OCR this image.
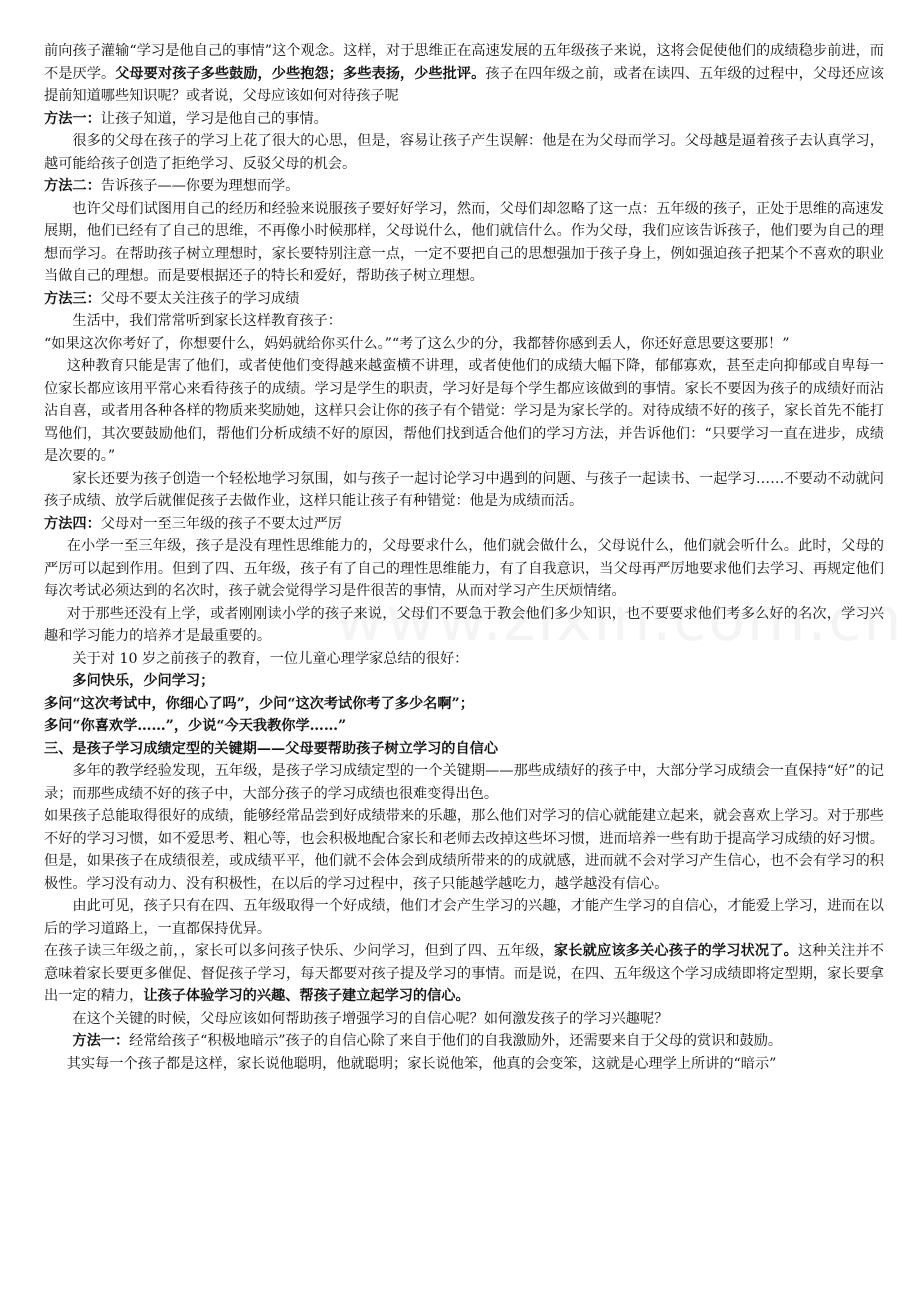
前向孩子灌输“学习是他自己的事情”这个观念。这样，对于思维正在高速发展的五年级孩子来说，这将会促使他们的成绩稳步前进，而不是厌学。父母要对孩子多些鼓励，少些抱怨；多些表扬，少些批评。孩子在四年级之前，或者在读四、五年级的过程中，父母还应该提前知道哪些知识呢？或者说，父母应该如何对待孩子呢

方法一：让孩子知道，学习是他自己的事情。

很多的父母在孩子的学习上花了很大的心思，但是，容易让孩子产生误解：他是在为父母而学习。父母越是逼着孩子去认真学习，越可能给孩子创造了拒绝学习、反驳父母的机会。

方法二：告诉孩子——你要为理想而学。

也许父母们试图用自己的经历和经验来说服孩子要好好学习，然而，父母们却忽略了这一点：五年级的孩子，正处于思维的高速发展期，他们已经有了自己的思维，不再像小时候那样，父母说什么，他们就信什么。作为父母，我们应该告诉孩子，他们要为自己的理想而学习。在帮助孩子树立理想时，家长要特别注意一点，一定不要把自己的思想强加于孩子身上，例如强迫孩子把某个不喜欢的职业当做自己的理想。而是要根据还子的特长和爱好，帮助孩子树立理想。

方法三：父母不要太关注孩子的学习成绩

生活中，我们常常听到家长这样教育孩子：

“如果这次你考好了，你想要什么，妈妈就给你买什么。”“考了这么少的分，我都替你感到丢人，你还好意思要这要那！”

这种教育只能是害了他们，或者使他们变得越来越蛮横不讲理，或者使他们的成绩大幅下降，郁郁寡欢，甚至走向抑郁或自卑每一位家长都应该用平常心来看待孩子的成绩。学习是学生的职责，学习好是每个学生都应该做到的事情。家长不要因为孩子的成绩好而沾沾自喜，或者用各种各样的物质来奖励她，这样只会让你的孩子有个错觉：学习是为家长学的。对待成绩不好的孩子，家长首先不能打骂他们，其次要鼓励他们，帮他们分析成绩不好的原因，帮他们找到适合他们的学习方法，并告诉他们：“只要学习一直在进步，成绩是次要的。”

家长还要为孩子创造一个轻松地学习氛围，如与孩子一起讨论学习中遇到的问题、与孩子一起读书、一起学习……不要动不动就问孩子成绩、放学后就催促孩子去做作业，这样只能让孩子有种错觉：他是为成绩而活。

方法四：父母对一至三年级的孩子不要太过严厉

在小学一至三年级，孩子是没有理性思维能力的，父母要求什么，他们就会做什么，父母说什么，他们就会听什么。此时，父母的严厉可以起到作用。但到了四、五年级，孩子有了自己的理性思维能力，有了自我意识，当父母再严厉地要求他们去学习、再规定他们每次考试必须达到的名次时，孩子就会觉得学习是件很苦的事情，从而对学习产生厌烦情绪。

对于那些还没有上学，或者刚刚读小学的孩子来说，父母们不要急于教会他们多少知识，也不要要求他们考多么好的名次，学习兴趣和学习能力的培养才是最重要的。

关于对 10 岁之前孩子的教育，一位儿童心理学家总结的很好：

多问快乐，少问学习；

多问“这次考试中，你细心了吗”，少问“这次考试你考了多少名啊”；

多问“你喜欢学……”，少说“今天我教你学……”

三、是孩子学习成绩定型的关键期——父母要帮助孩子树立学习的自信心

多年的教学经验发现，五年级，是孩子学习成绩定型的一个关键期——那些成绩好的孩子中，大部分学习成绩会一直保持“好”的记录；而那些成绩不好的孩子中，大部分孩子的学习成绩也很难变得出色。

如果孩子总能取得很好的成绩，能够经常品尝到好成绩带来的乐趣，那么他们对学习的信心就能建立起来，就会喜欢上学习。对于那些不好的学习习惯，如不爱思考、粗心等，也会积极地配合家长和老师去改掉这些坏习惯，进而培养一些有助于提高学习成绩的好习惯。但是，如果孩子在成绩很差，或成绩平平，他们就不会体会到成绩所带来的的成就感，进而就不会对学习产生信心，也不会有学习的积极性。学习没有动力、没有积极性，在以后的学习过程中，孩子只能越学越吃力，越学越没有信心。

由此可见，孩子只有在四、五年级取得一个好成绩，他们才会产生学习的兴趣，才能产生学习的自信心，才能爱上学习，进而在以后的学习道路上，一直都保持优异。

在孩子读三年级之前，，家长可以多问孩子快乐、少问学习，但到了四、五年级，家长就应该多关心孩子的学习状况了。这种关注并不意味着家长要更多催促、督促孩子学习，每天都要对孩子提及学习的事情。而是说，在四、五年级这个学习成绩即将定型期，家长要拿出一定的精力，让孩子体验学习的兴趣、帮孩子建立起学习的信心。

在这个关键的时候，父母应该如何帮助孩子增强学习的自信心呢？如何激发孩子的学习兴趣呢？

方法一：经常给孩子“积极地暗示”孩子的自信心除了来自于他们的自我激励外，还需要来自于父母的赏识和鼓励。

其实每一个孩子都是这样，家长说他聪明，他就聪明；家长说他笨，他真的会变笨，这就是心理学上所讲的“暗示”
